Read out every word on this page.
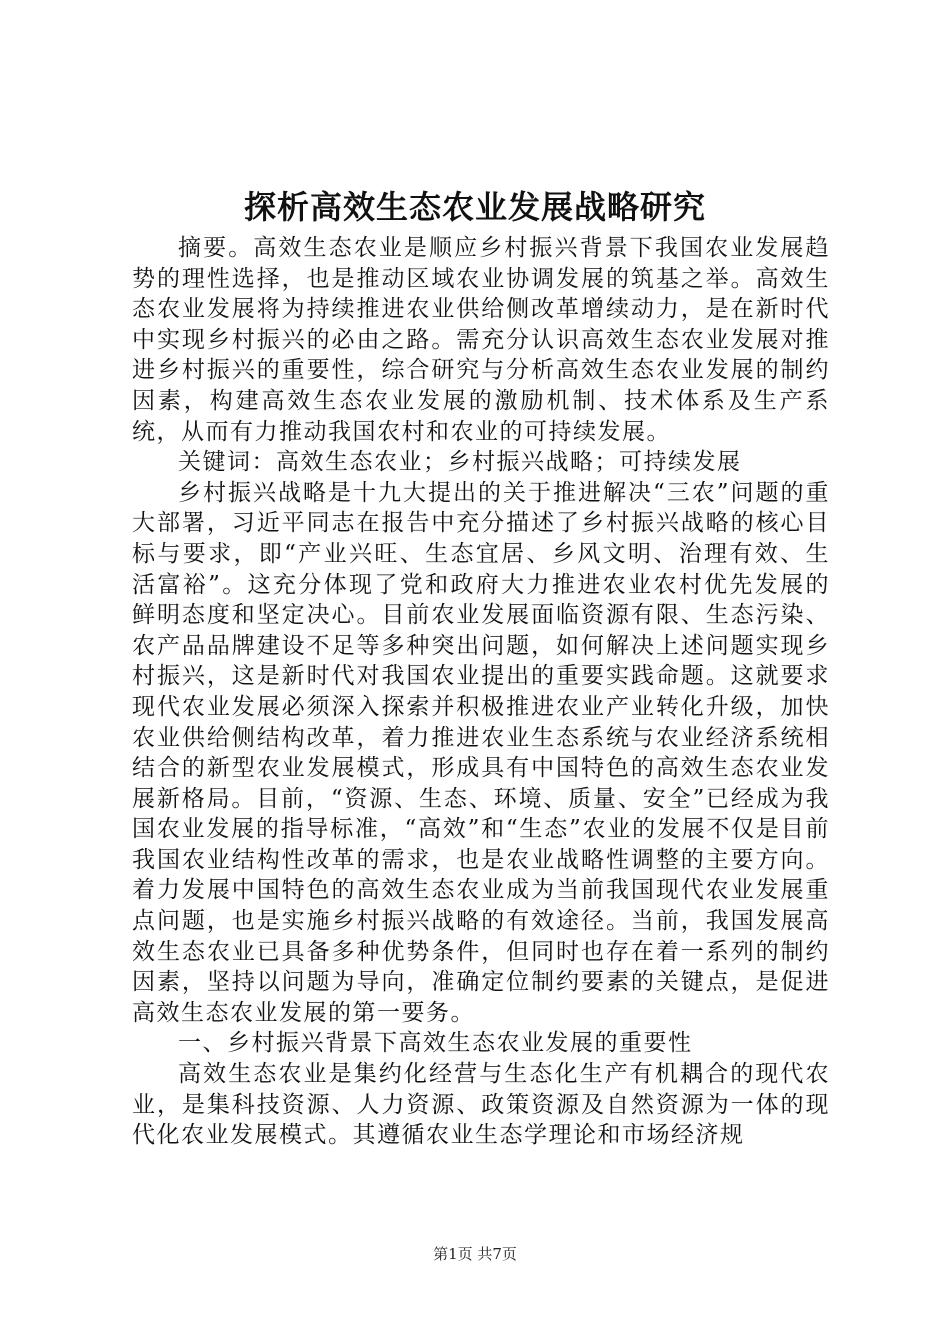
探析高效生态农业发展战略研究

摘要。高效生态农业是顺应乡村振兴背景下我国农业发展趋势的理性选择，也是推动区域农业协调发展的筑基之举。高效生态农业发展将为持续推进农业供给侧改革增续动力，是在新时代中实现乡村振兴的必由之路。需充分认识高效生态农业发展对推进乡村振兴的重要性，综合研究与分析高效生态农业发展的制约因素，构建高效生态农业发展的激励机制、技术体系及生产系统，从而有力推动我国农村和农业的可持续发展。

关键词：高效生态农业；乡村振兴战略；可持续发展

乡村振兴战略是十九大提出的关于推进解决“三农”问题的重大部署，习近平同志在报告中充分描述了乡村振兴战略的核心目标与要求，即“产业兴旺、生态宜居、乡风文明、治理有效、生活富裕”。这充分体现了党和政府大力推进农业农村优先发展的鲜明态度和坚定决心。目前农业发展面临资源有限、生态污染、农产品品牌建设不足等多种突出问题，如何解决上述问题实现乡村振兴，这是新时代对我国农业提出的重要实践命题。这就要求现代农业发展必须深入探索并积极推进农业产业转化升级，加快农业供给侧结构改革，着力推进农业生态系统与农业经济系统相结合的新型农业发展模式，形成具有中国特色的高效生态农业发展新格局。目前，“资源、生态、环境、质量、安全”已经成为我国农业发展的指导标准，“高效”和“生态”农业的发展不仅是目前我国农业结构性改革的需求，也是农业战略性调整的主要方向。着力发展中国特色的高效生态农业成为当前我国现代农业发展重点问题，也是实施乡村振兴战略的有效途径。当前，我国发展高效生态农业已具备多种优势条件，但同时也存在着一系列的制约因素，坚持以问题为导向，准确定位制约要素的关键点，是促进高效生态农业发展的第一要务。

一、乡村振兴背景下高效生态农业发展的重要性

高效生态农业是集约化经营与生态化生产有机耦合的现代农业，是集科技资源、人力资源、政策资源及自然资源为一体的现代化农业发展模式。其遵循农业生态学理论和市场经济规

第1页 共7页
